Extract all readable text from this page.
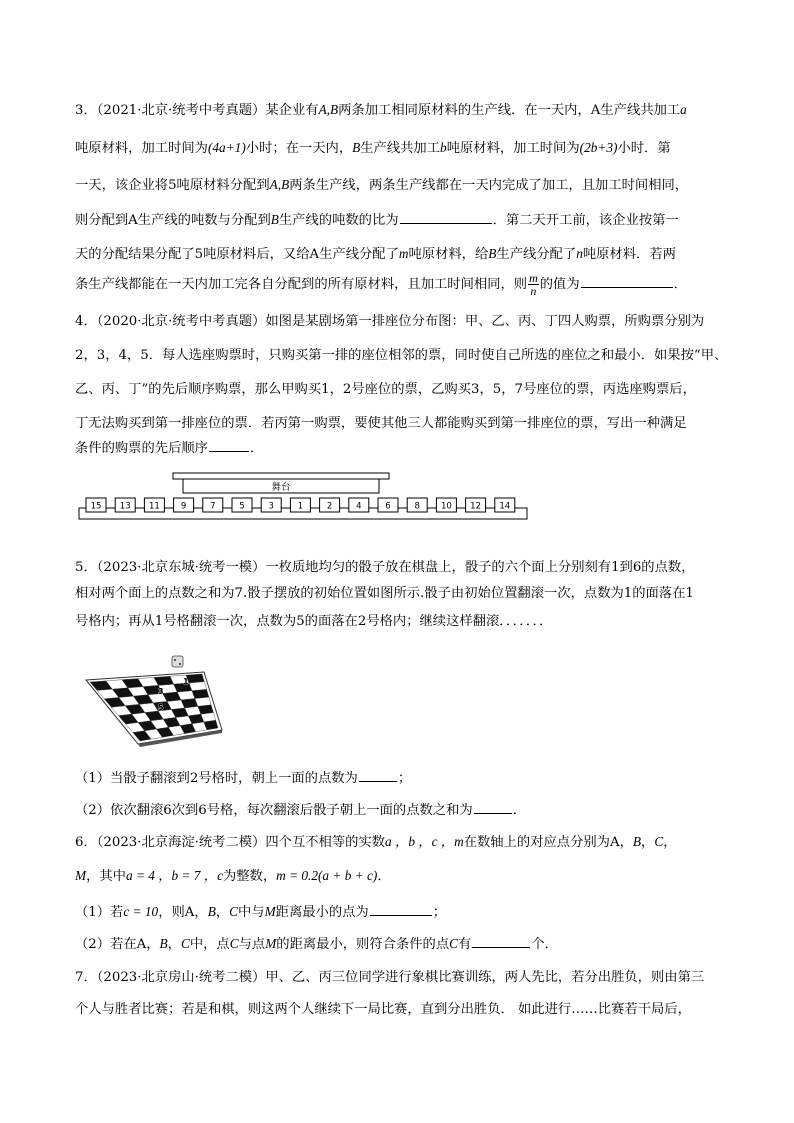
3．（2021·北京·统考中考真题）某企业有A,B两条加工相同原材料的生产线．在一天内，A生产线共加工a
吨原材料，加工时间为(4a+1)小时；在一天内，B生产线共加工b吨原材料，加工时间为(2b+3)小时．第
一天，该企业将5吨原材料分配到A,B两条生产线，两条生产线都在一天内完成了加工，且加工时间相同，
则分配到A生产线的吨数与分配到B生产线的吨数的比为	．第二天开工前，该企业按第一
天的分配结果分配了5吨原材料后，又给A生产线分配了m吨原材料，给B生产线分配了n吨原材料．若两
条生产线都能在一天内加工完各自分配到的所有原材料，且加工时间相同，则 $\frac{m}{n}$ 的值为	．
4．（2020·北京·统考中考真题）如图是某剧场第一排座位分布图：甲、乙、丙、丁四人购票，所购票分别为
2，3，4，5．每人选座购票时，只购买第一排的座位相邻的票，同时使自己所选的座位之和最小．如果按“甲、
乙、丙、丁”的先后顺序购票，那么甲购买1，2号座位的票，乙购买3，5，7号座位的票，丙选座购票后，
丁无法购买到第一排座位的票．若丙第一购票，要使其他三人都能购买到第一排座位的票，写出一种满足
条件的购票的先后顺序	．
舞台
15 13 11 9	7	5	3	1	2	4	6	8 10 12 14
5．（2023·北京东城·统考一模）一枚质地均匀的骰子放在棋盘上，骰子的六个面上分别刻有1到6的点数，
相对两个面上的点数之和为7.骰子摆放的初始位置如图所示.骰子由初始位置翻滚一次，点数为1的面落在1
号格内；再从1号格翻滚一次，点数为5的面落在2号格内；继续这样翻滚．．．．．．．
1
3
5
（1）当骰子翻滚到2号格时，朝上一面的点数为	；
（2）依次翻滚6次到6号格，每次翻滚后骰子朝上一面的点数之和为	．
6．（2023·北京海淀·统考二模）四个互不相等的实数a ，b ，c ，m在数轴上的对应点分别为A，B，C，
M，其中a = 4 ，b = 7 ，c为整数，m = 0.2(a + b + c)．
（1）若c = 10，则A，B，C中与M距离最小的点为	；
（2）若在A，B，C中，点C与点M的距离最小，则符合条件的点C有	个．
7．（2023·北京房山·统考二模）甲、乙、丙三位同学进行象棋比赛训练，两人先比，若分出胜负，则由第三
个人与胜者比赛；若是和棋，则这两个人继续下一局比赛，直到分出胜负． 如此进行……比赛若干局后，
